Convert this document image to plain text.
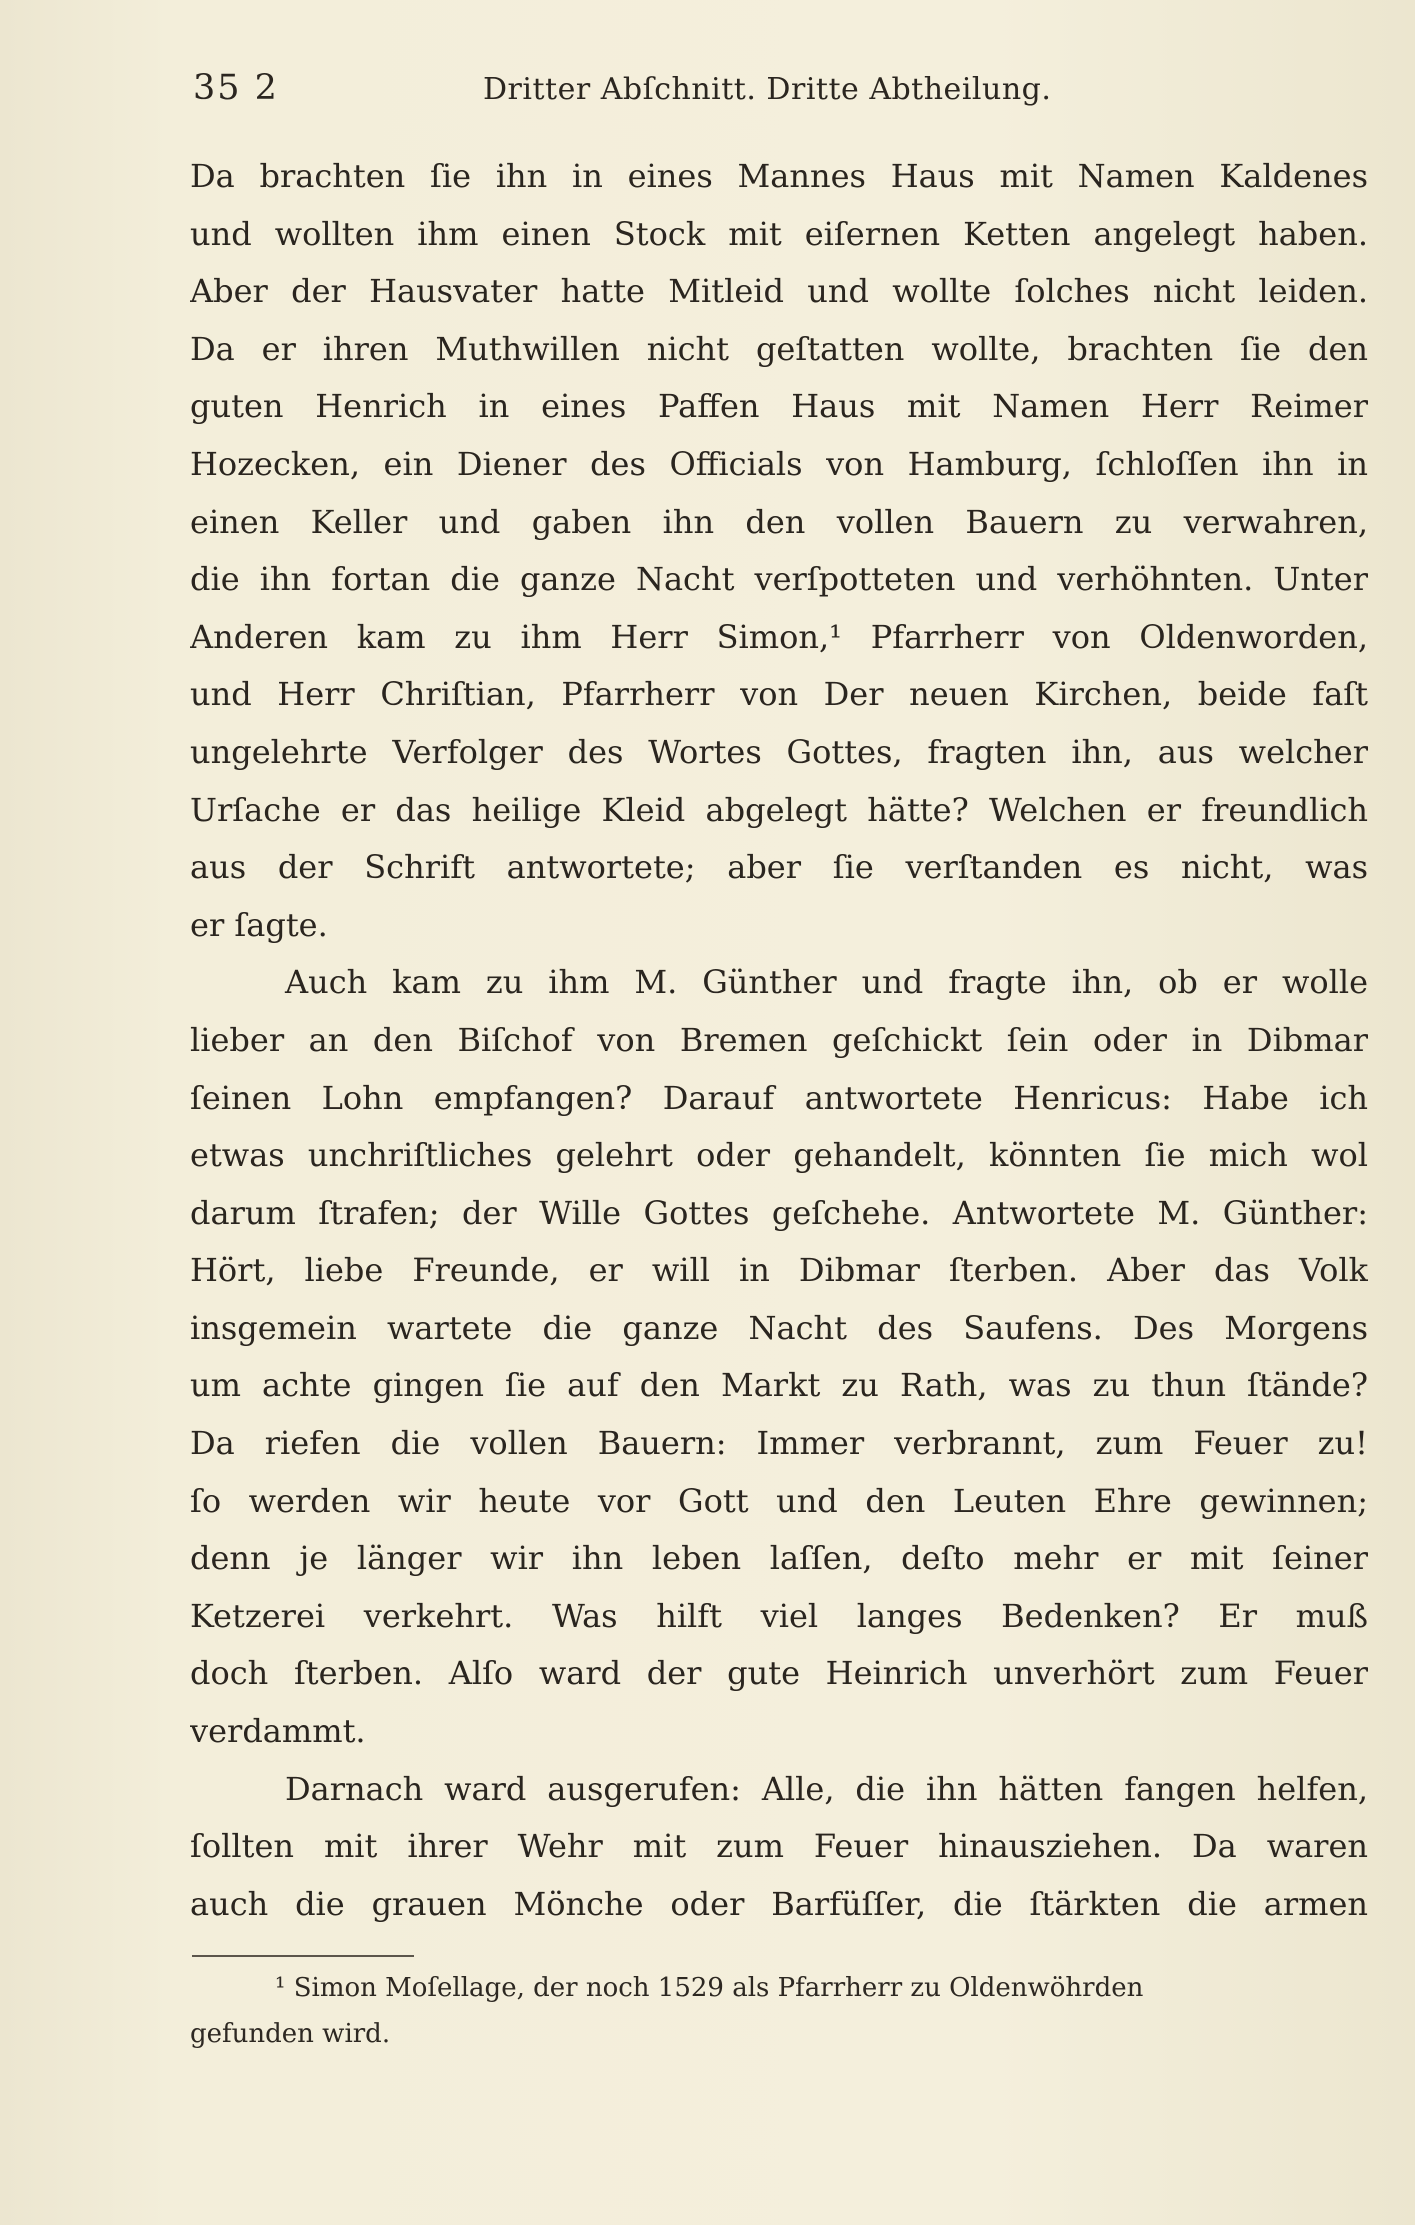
35 2	Dritter Abſchnitt. Dritte Abtheilung.
Da brachten ſie ihn in eines Mannes Haus mit Namen Kaldenes
und wollten ihm einen Stock mit eiſernen Ketten angelegt haben.
Aber der Hausvater hatte Mitleid und wollte ſolches nicht leiden.
Da er ihren Muthwillen nicht geſtatten wollte, brachten ſie den
guten Henrich in eines Paffen Haus mit Namen Herr Reimer
Hozecken, ein Diener des Officials von Hamburg, ſchloſſen ihn in
einen Keller und gaben ihn den vollen Bauern zu verwahren,
die ihn fortan die ganze Nacht verſpotteten und verhöhnten. Unter
Anderen kam zu ihm Herr Simon,¹ Pfarrherr von Oldenworden,
und Herr Chriſtian, Pfarrherr von Der neuen Kirchen, beide faſt
ungelehrte Verfolger des Wortes Gottes, fragten ihn, aus welcher
Urſache er das heilige Kleid abgelegt hätte? Welchen er freundlich
aus der Schrift antwortete; aber ſie verſtanden es nicht, was
er ſagte.
Auch kam zu ihm M. Günther und fragte ihn, ob er wolle
lieber an den Biſchof von Bremen geſchickt ſein oder in Dibmar
ſeinen Lohn empfangen? Darauf antwortete Henricus: Habe ich
etwas unchriſtliches gelehrt oder gehandelt, könnten ſie mich wol
darum ſtrafen; der Wille Gottes geſchehe. Antwortete M. Günther:
Hört, liebe Freunde, er will in Dibmar ſterben. Aber das Volk
insgemein wartete die ganze Nacht des Saufens. Des Morgens
um achte gingen ſie auf den Markt zu Rath, was zu thun ſtände?
Da riefen die vollen Bauern: Immer verbrannt, zum Feuer zu!
ſo werden wir heute vor Gott und den Leuten Ehre gewinnen;
denn je länger wir ihn leben laſſen, deſto mehr er mit ſeiner
Ketzerei verkehrt. Was hilft viel langes Bedenken? Er muß
doch ſterben. Alſo ward der gute Heinrich unverhört zum Feuer
verdammt.
Darnach ward ausgerufen: Alle, die ihn hätten fangen helfen,
ſollten mit ihrer Wehr mit zum Feuer hinausziehen. Da waren
auch die grauen Mönche oder Barfüſſer, die ſtärkten die armen
¹ Simon Moſellage, der noch 1529 als Pfarrherr zu Oldenwöhrden
gefunden wird.
